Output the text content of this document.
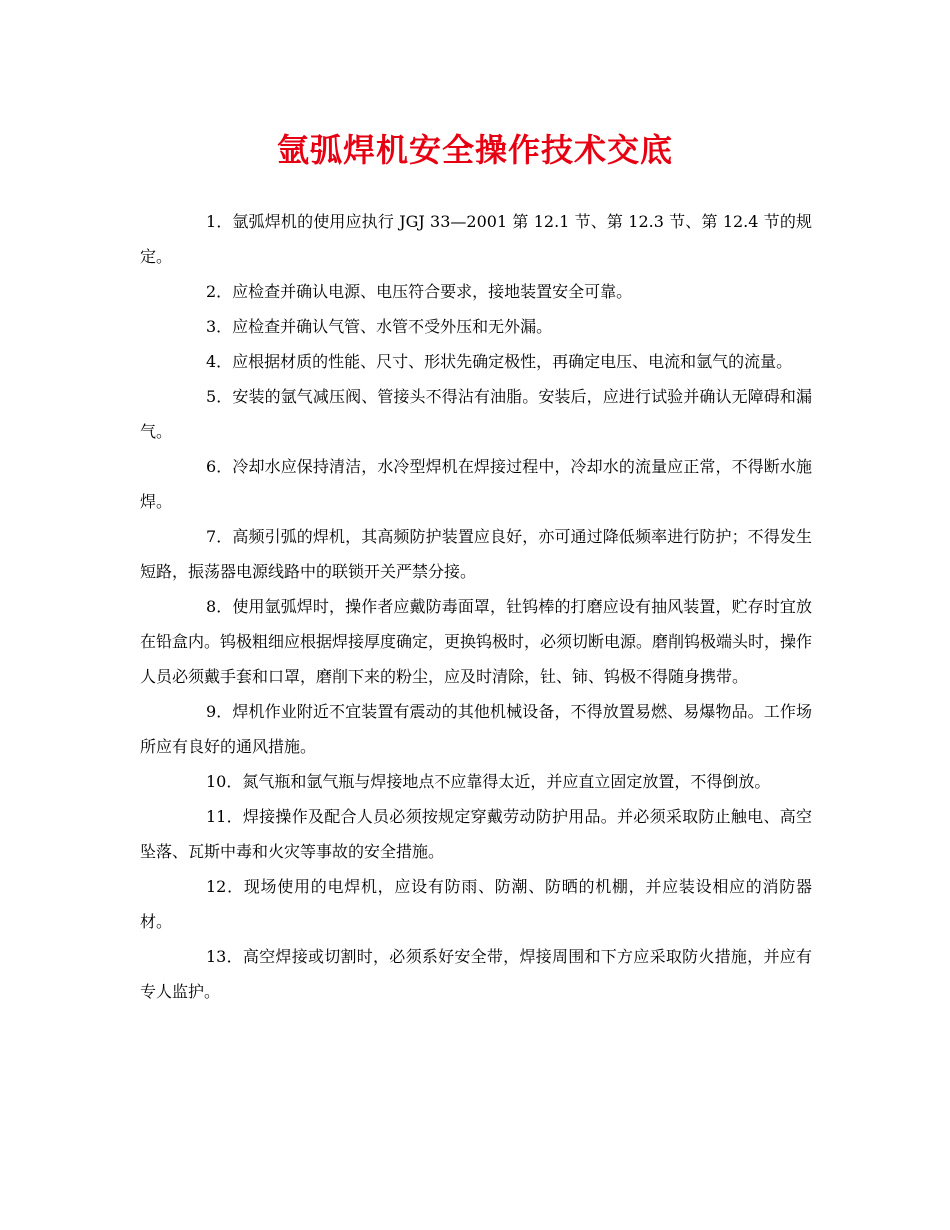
氩弧焊机安全操作技术交底

1．氩弧焊机的使用应执行 JGJ 33—2001 第 12.1 节、第 12.3 节、第 12.4 节的规定。

2．应检查并确认电源、电压符合要求，接地装置安全可靠。

3．应检查并确认气管、水管不受外压和无外漏。

4．应根据材质的性能、尺寸、形状先确定极性，再确定电压、电流和氩气的流量。

5．安装的氩气减压阀、管接头不得沾有油脂。安装后，应进行试验并确认无障碍和漏气。

6．冷却水应保持清洁，水冷型焊机在焊接过程中，冷却水的流量应正常，不得断水施焊。

7．高频引弧的焊机，其高频防护装置应良好，亦可通过降低频率进行防护；不得发生短路，振荡器电源线路中的联锁开关严禁分接。

8．使用氩弧焊时，操作者应戴防毒面罩，钍钨棒的打磨应设有抽风装置，贮存时宜放在铅盒内。钨极粗细应根据焊接厚度确定，更换钨极时，必须切断电源。磨削钨极端头时，操作人员必须戴手套和口罩，磨削下来的粉尘，应及时清除，钍、铈、钨极不得随身携带。

9．焊机作业附近不宜装置有震动的其他机械设备，不得放置易燃、易爆物品。工作场所应有良好的通风措施。

10．氮气瓶和氩气瓶与焊接地点不应靠得太近，并应直立固定放置，不得倒放。

11．焊接操作及配合人员必须按规定穿戴劳动防护用品。并必须采取防止触电、高空坠落、瓦斯中毒和火灾等事故的安全措施。

12．现场使用的电焊机，应设有防雨、防潮、防晒的机棚，并应装设相应的消防器材。

13．高空焊接或切割时，必须系好安全带，焊接周围和下方应采取防火措施，并应有专人监护。
